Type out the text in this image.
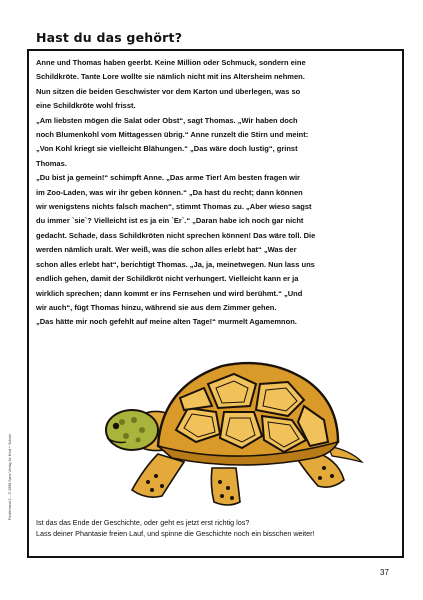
Hast du das gehört?

Anne und Thomas haben geerbt. Keine Million oder Schmuck, sondern eine

Schildkröte. Tante Lore wollte sie nämlich nicht mit ins Altersheim nehmen.

Nun sitzen die beiden Geschwister vor dem Karton und überlegen, was so

eine Schildkröte wohl frisst.

„Am liebsten mögen die Salat oder Obst“, sagt Thomas. „Wir haben doch

noch Blumenkohl vom Mittagessen übrig.“ Anne runzelt die Stirn und meint:

„Von Kohl kriegt sie vielleicht Blähungen.“ „Das wäre doch lustig“, grinst

Thomas.

„Du bist ja gemein!“ schimpft Anne. „Das arme Tier! Am besten fragen wir

im Zoo-Laden, was wir ihr geben können.“ „Da hast du recht; dann können

wir wenigstens nichts falsch machen“, stimmt Thomas zu. „Aber wieso sagst

du immer `sie`? Vielleicht ist es ja ein `Er`.“ „Daran habe ich noch gar nicht

gedacht. Schade, dass Schildkröten nicht sprechen können! Das wäre toll. Die

werden nämlich uralt. Wer weiß, was die schon alles erlebt hat“ „Was der

schon alles erlebt hat“, berichtigt Thomas. „Ja, ja, meinetwegen. Nun lass uns

endlich gehen, damit der Schildkröt nicht verhungert. Vielleicht kann er ja

wirklich sprechen; dann kommt er ins Fernsehen und wird berühmt.“ „Und

wir auch“, fügt Thomas hinzu, während sie aus dem Zimmer gehen.

„Das hätte mir noch gefehlt auf meine alten Tage!“ murmelt Agamemnon.

Ist das das Ende der Geschichte, oder geht es jetzt erst richtig los?

Lass deiner Phantasie freien Lauf, und spinne die Geschichte noch ein bisschen weiter!

Förderband 2 – © 1998 Sans Verlag für Kind + Schule
37
